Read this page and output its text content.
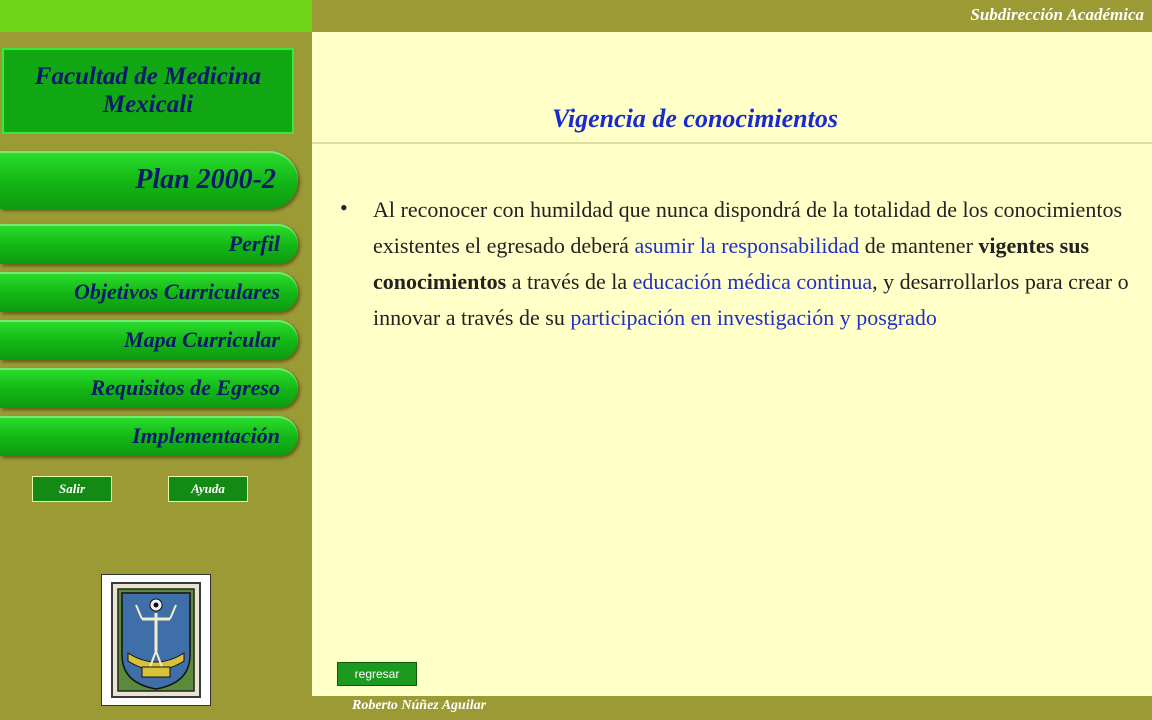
Subdirección Académica
Facultad de Medicina
Mexicali
Plan 2000-2
Perfil
Objetivos Curriculares
Mapa Curricular
Requisitos de Egreso
Implementación
Salir	Ayuda
Vigencia de conocimientos
• Al reconocer con humildad que nunca dispondrá de la totalidad de los conocimientos existentes el egresado deberá asumir la responsabilidad de mantener vigentes sus conocimientos a través de la educación médica continua, y desarrollarlos para crear o innovar a través de su participación en investigación y posgrado
regresar
Roberto Núñez Aguilar
